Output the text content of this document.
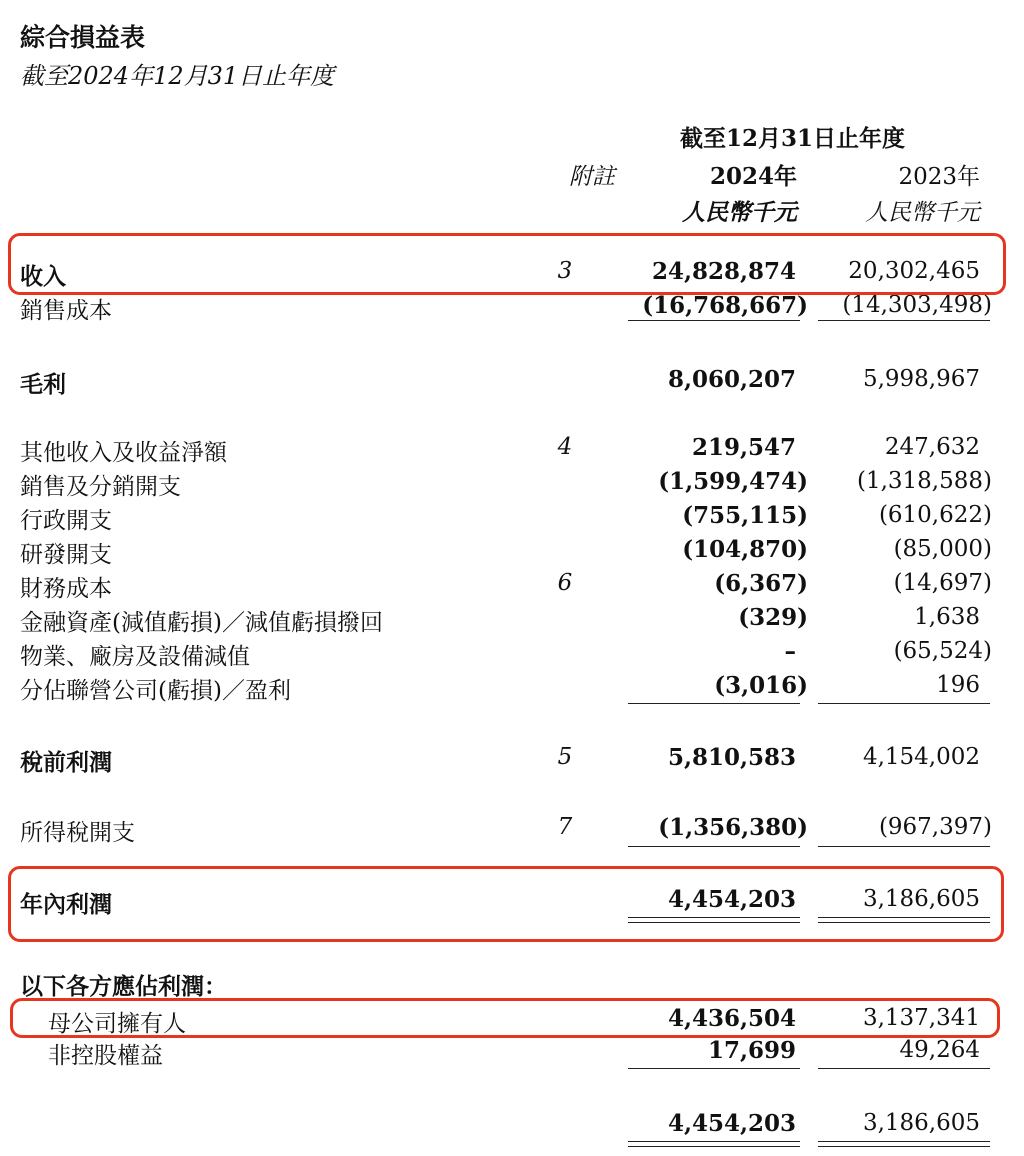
綜合損益表
截至2024年12月31日止年度
截至12月31日止年度
附註	2024年	2023年
人民幣千元	人民幣千元
收入	3	24,828,874 20,302,465
銷售成本	(16,768,667) (14,303,498)
毛利	8,060,207	5,998,967
其他收入及收益淨額	4	219,547	247,632
銷售及分銷開支	(1,599,474) (1,318,588)
行政開支	(755,115)	(610,622)
研發開支	(104,870)	(85,000)
財務成本	6	(6,367)	(14,697)
金融資產(減值虧損)／減值虧損撥回	(329)	1,638
物業、廠房及設備減值	–	(65,524)
分佔聯營公司(虧損)／盈利	(3,016)	196
稅前利潤	5	5,810,583	4,154,002
所得稅開支	7	(1,356,380)	(967,397)
年內利潤	4,454,203	3,186,605
以下各方應佔利潤：
母公司擁有人	4,436,504	3,137,341
非控股權益	17,699	49,264
4,454,203	3,186,605
